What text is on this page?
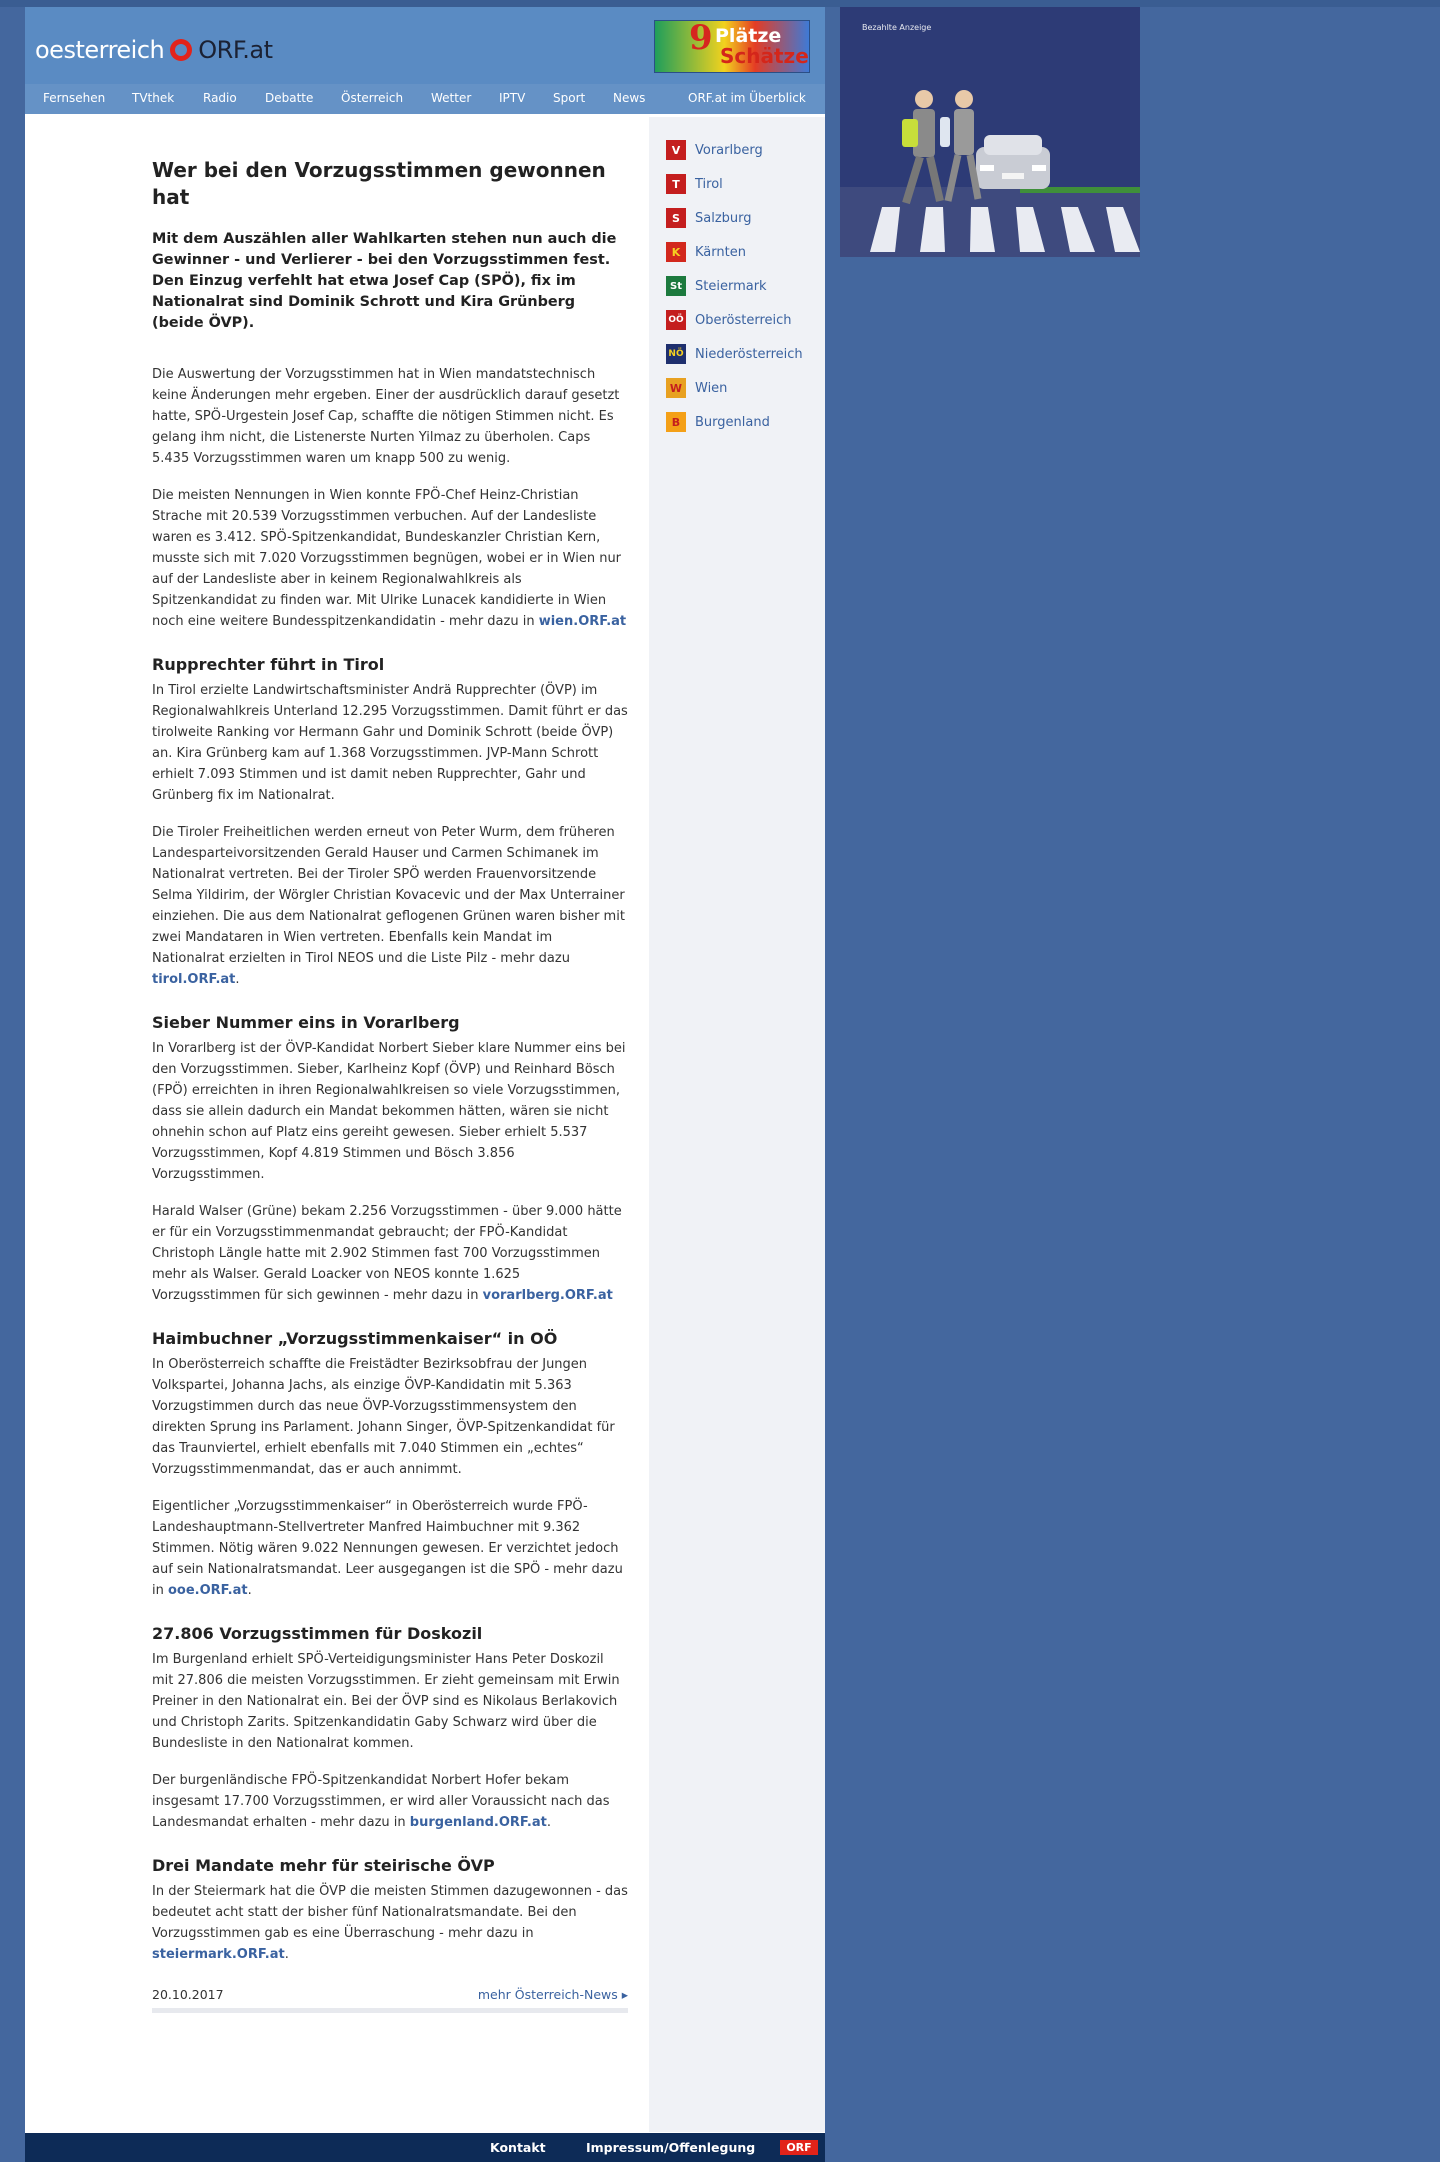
oesterreich ORF.at	9 Plätze
Schätze
Fernsehen TVthek Radio Debatte Österreich Wetter IPTV Sport News	ORF.at im Überblick
Wer bei den Vorzugsstimmen gewonnen hat

Mit dem Auszählen aller Wahlkarten stehen nun auch die Gewinner - und Verlierer - bei den Vorzugsstimmen fest. Den Einzug verfehlt hat etwa Josef Cap (SPÖ), fix im Nationalrat sind Dominik Schrott und Kira Grünberg (beide ÖVP).

Die Auswertung der Vorzugsstimmen hat in Wien mandatstechnisch keine Änderungen mehr ergeben. Einer der ausdrücklich darauf gesetzt hatte, SPÖ-Urgestein Josef Cap, schaffte die nötigen Stimmen nicht. Es gelang ihm nicht, die Listenerste Nurten Yilmaz zu überholen. Caps 5.435 Vorzugsstimmen waren um knapp 500 zu wenig.

Die meisten Nennungen in Wien konnte FPÖ-Chef Heinz-Christian Strache mit 20.539 Vorzugsstimmen verbuchen. Auf der Landesliste waren es 3.412. SPÖ-Spitzenkandidat, Bundeskanzler Christian Kern, musste sich mit 7.020 Vorzugsstimmen begnügen, wobei er in Wien nur auf der Landesliste aber in keinem Regionalwahlkreis als Spitzenkandidat zu finden war. Mit Ulrike Lunacek kandidierte in Wien noch eine weitere Bundesspitzenkandidatin - mehr dazu in wien.ORF.at

Rupprechter führt in Tirol

In Tirol erzielte Landwirtschaftsminister Andrä Rupprechter (ÖVP) im Regionalwahlkreis Unterland 12.295 Vorzugsstimmen. Damit führt er das tirolweite Ranking vor Hermann Gahr und Dominik Schrott (beide ÖVP) an. Kira Grünberg kam auf 1.368 Vorzugsstimmen. JVP-Mann Schrott erhielt 7.093 Stimmen und ist damit neben Rupprechter, Gahr und Grünberg fix im Nationalrat.

Die Tiroler Freiheitlichen werden erneut von Peter Wurm, dem früheren Landesparteivorsitzenden Gerald Hauser und Carmen Schimanek im Nationalrat vertreten. Bei der Tiroler SPÖ werden Frauenvorsitzende Selma Yildirim, der Wörgler Christian Kovacevic und der Max Unterrainer einziehen. Die aus dem Nationalrat geflogenen Grünen waren bisher mit zwei Mandataren in Wien vertreten. Ebenfalls kein Mandat im Nationalrat erzielten in Tirol NEOS und die Liste Pilz - mehr dazu tirol.ORF.at.

Sieber Nummer eins in Vorarlberg

In Vorarlberg ist der ÖVP-Kandidat Norbert Sieber klare Nummer eins bei den Vorzugsstimmen. Sieber, Karlheinz Kopf (ÖVP) und Reinhard Bösch (FPÖ) erreichten in ihren Regionalwahlkreisen so viele Vorzugsstimmen, dass sie allein dadurch ein Mandat bekommen hätten, wären sie nicht ohnehin schon auf Platz eins gereiht gewesen. Sieber erhielt 5.537 Vorzugsstimmen, Kopf 4.819 Stimmen und Bösch 3.856 Vorzugsstimmen.

Harald Walser (Grüne) bekam 2.256 Vorzugsstimmen - über 9.000 hätte er für ein Vorzugsstimmenmandat gebraucht; der FPÖ-Kandidat Christoph Längle hatte mit 2.902 Stimmen fast 700 Vorzugsstimmen mehr als Walser. Gerald Loacker von NEOS konnte 1.625 Vorzugsstimmen für sich gewinnen - mehr dazu in vorarlberg.ORF.at

Haimbuchner „Vorzugsstimmenkaiser“ in OÖ

In Oberösterreich schaffte die Freistädter Bezirksobfrau der Jungen Volkspartei, Johanna Jachs, als einzige ÖVP-Kandidatin mit 5.363 Vorzugstimmen durch das neue ÖVP-Vorzugsstimmensystem den direkten Sprung ins Parlament. Johann Singer, ÖVP-Spitzenkandidat für das Traunviertel, erhielt ebenfalls mit 7.040 Stimmen ein „echtes“ Vorzugsstimmenmandat, das er auch annimmt.

Eigentlicher „Vorzugsstimmenkaiser“ in Oberösterreich wurde FPÖ-Landeshauptmann-Stellvertreter Manfred Haimbuchner mit 9.362 Stimmen. Nötig wären 9.022 Nennungen gewesen. Er verzichtet jedoch auf sein Nationalratsmandat. Leer ausgegangen ist die SPÖ - mehr dazu in ooe.ORF.at.

27.806 Vorzugsstimmen für Doskozil

Im Burgenland erhielt SPÖ-Verteidigungsminister Hans Peter Doskozil mit 27.806 die meisten Vorzugsstimmen. Er zieht gemeinsam mit Erwin Preiner in den Nationalrat ein. Bei der ÖVP sind es Nikolaus Berlakovich und Christoph Zarits. Spitzenkandidatin Gaby Schwarz wird über die Bundesliste in den Nationalrat kommen.

Der burgenländische FPÖ-Spitzenkandidat Norbert Hofer bekam insgesamt 17.700 Vorzugsstimmen, er wird aller Voraussicht nach das Landesmandat erhalten - mehr dazu in burgenland.ORF.at.

Drei Mandate mehr für steirische ÖVP

In der Steiermark hat die ÖVP die meisten Stimmen dazugewonnen - das bedeutet acht statt der bisher fünf Nationalratsmandate. Bei den Vorzugsstimmen gab es eine Überraschung - mehr dazu in steiermark.ORF.at.

20.10.2017	mehr Österreich-News ▸
V	Vorarlberg
T	Tirol
S	Salzburg
K	Kärnten
St	Steiermark
OÖ Oberösterreich
NÖ Niederösterreich
W Wien
B	Burgenland
Kontakt	Impressum/Offenlegung	ORF
Bezahlte Anzeige
